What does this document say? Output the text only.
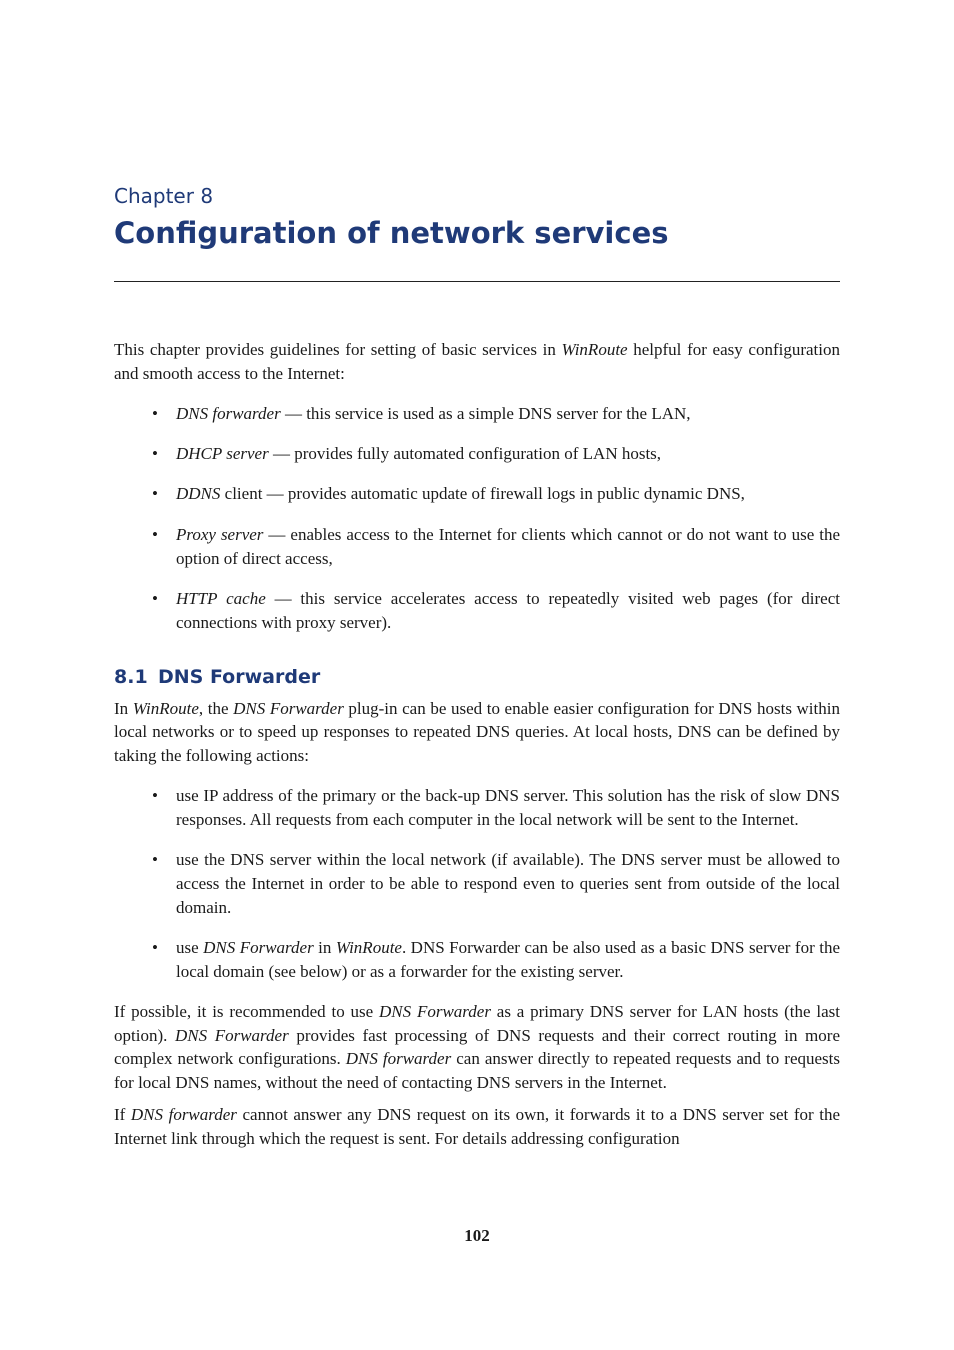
Chapter 8
Configuration of network services

This chapter provides guidelines for setting of basic services in WinRoute helpful for easy configuration and smooth access to the Internet:

• DNS forwarder — this service is used as a simple DNS server for the LAN,
• DHCP server — provides fully automated configuration of LAN hosts,
• DDNS client — provides automatic update of firewall logs in public dynamic DNS,
• Proxy server — enables access to the Internet for clients which cannot or do not want to use the option of direct access,
• HTTP cache — this service accelerates access to repeatedly visited web pages (for direct connections with proxy server).
8.1 DNS Forwarder

In WinRoute, the DNS Forwarder plug-in can be used to enable easier configuration for DNS hosts within local networks or to speed up responses to repeated DNS queries. At local hosts, DNS can be defined by taking the following actions:

• use IP address of the primary or the back-up DNS server. This solution has the risk of slow DNS responses. All requests from each computer in the local network will be sent to the Internet.
• use the DNS server within the local network (if available). The DNS server must be allowed to access the Internet in order to be able to respond even to queries sent from outside of the local domain.
• use DNS Forwarder in WinRoute. DNS Forwarder can be also used as a basic DNS server for the local domain (see below) or as a forwarder for the existing server.

If possible, it is recommended to use DNS Forwarder as a primary DNS server for LAN hosts (the last option). DNS Forwarder provides fast processing of DNS requests and their correct routing in more complex network configurations. DNS forwarder can answer directly to repeated requests and to requests for local DNS names, without the need of contacting DNS servers in the Internet.

If DNS forwarder cannot answer any DNS request on its own, it forwards it to a DNS server set for the Internet link through which the request is sent. For details addressing configuration

102
